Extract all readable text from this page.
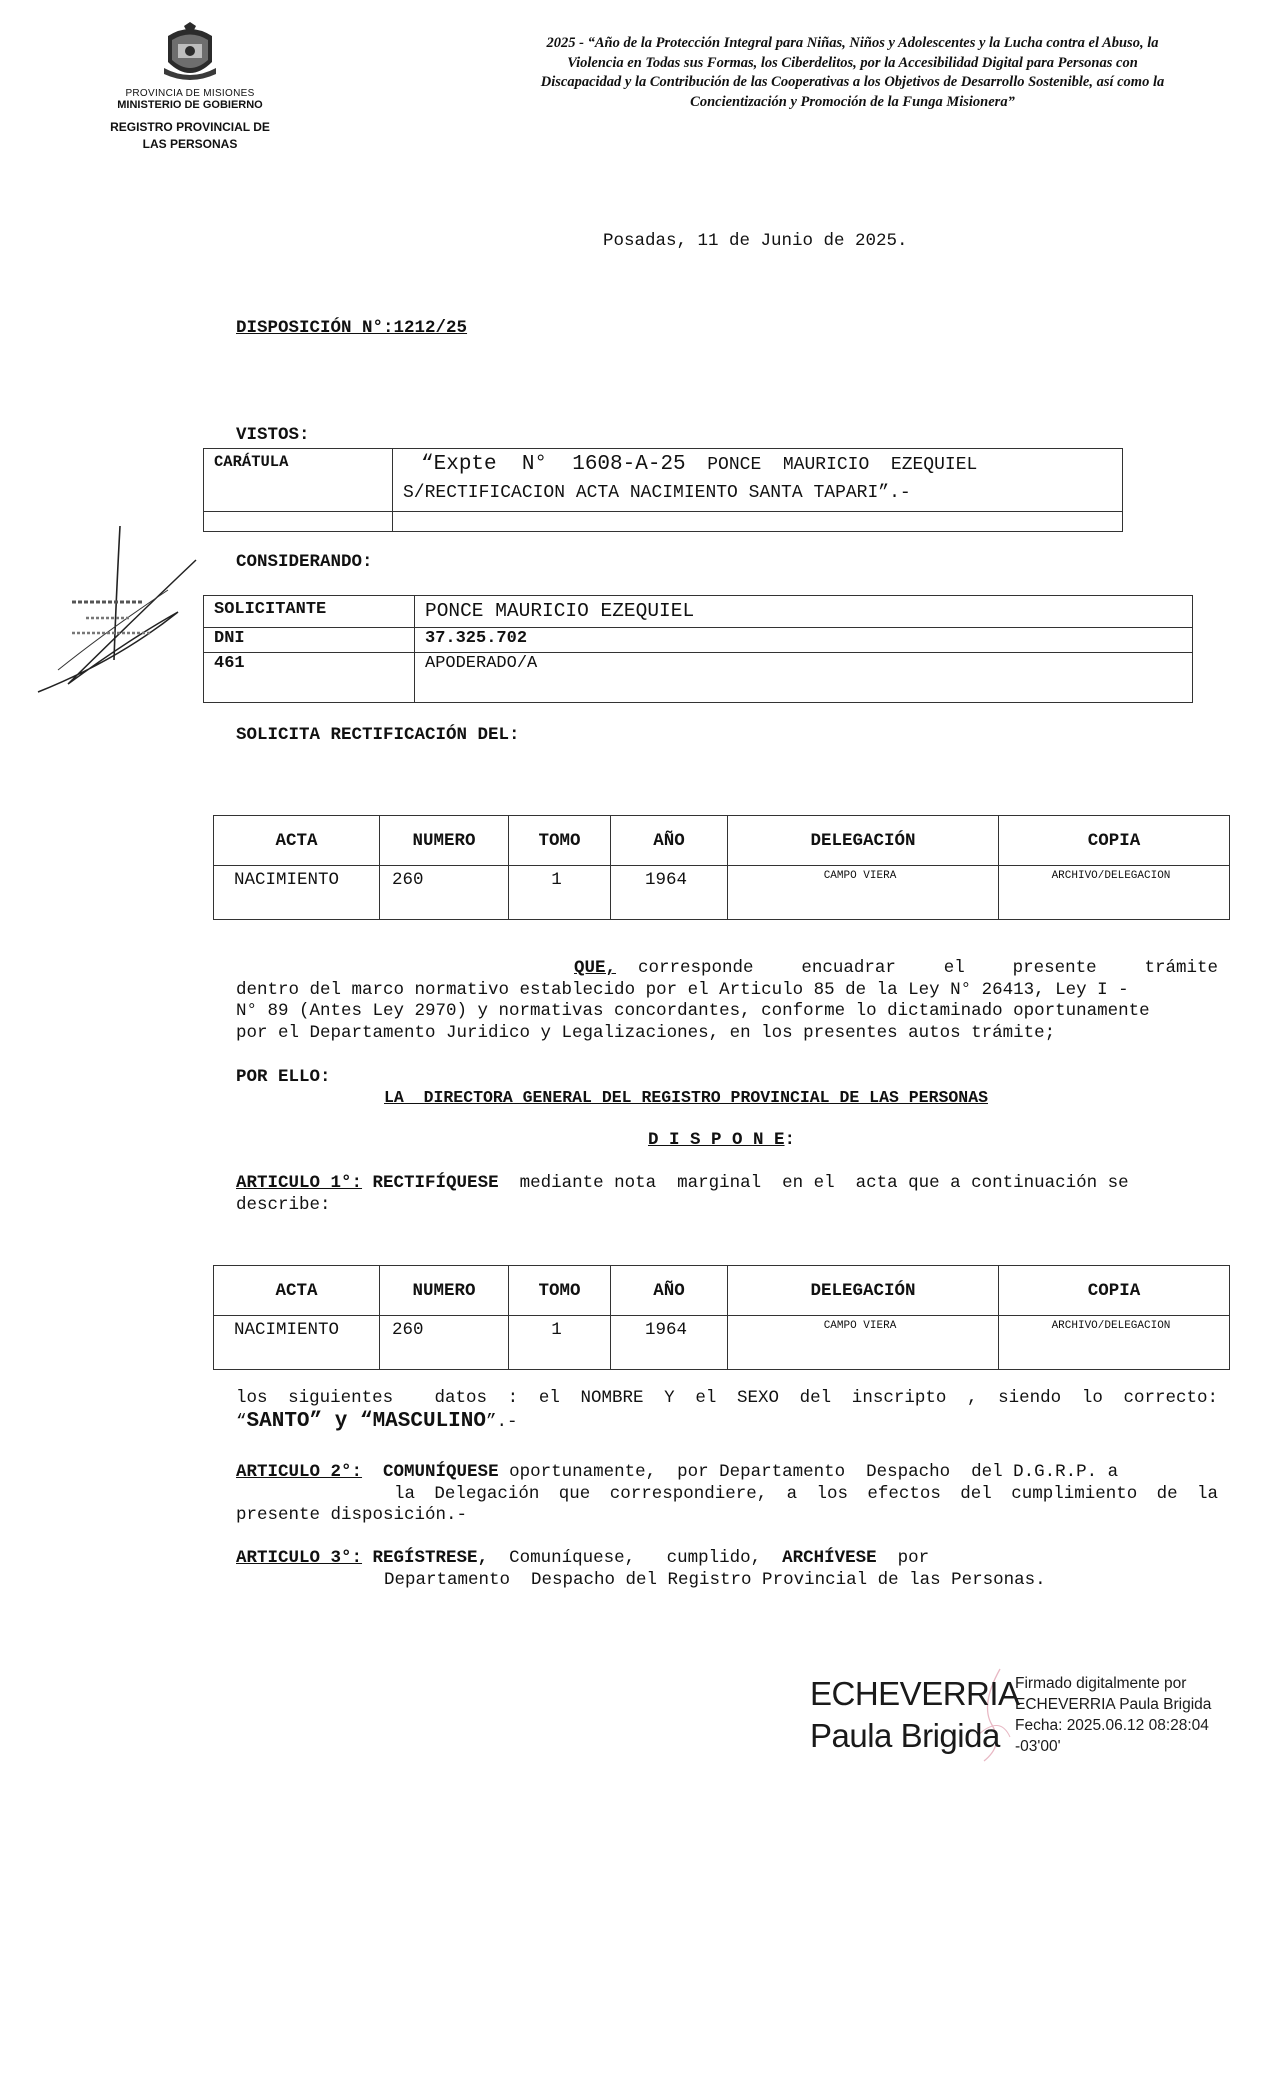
PROVINCIA DE MISIONES
MINISTERIO DE GOBIERNO
REGISTRO PROVINCIAL DE
LAS PERSONAS
2025 - “Año de la Protección Integral para Niñas, Niños y Adolescentes y la Lucha contra el Abuso, la Violencia en Todas sus Formas, los Ciberdelitos, por la Accesibilidad Digital para Personas con Discapacidad y la Contribución de las Cooperativas a los Objetivos de Desarrollo Sostenible, así como la Concientización y Promoción de la Funga Misionera”
Posadas, 11 de Junio de 2025.
DISPOSICIÓN N°:1212/25
VISTOS:
CARÁTULA	“Expte  N°  1608-A-25  PONCE  MAURICIO  EZEQUIEL
S/RECTIFICACION ACTA NACIMIENTO SANTA TAPARI”.-

CONSIDERANDO:
SOLICITANTE	PONCE MAURICIO EZEQUIEL
DNI	37.325.702
461	APODERADO/A
SOLICITA RECTIFICACIÓN DEL:
ACTA	NUMERO	TOMO	AÑO	DELEGACIÓN	COPIA
NACIMIENTO	260	1	1964	CAMPO VIERA	ARCHIVO/DELEGACION
QUE,	corresponde   encuadrar   el   presente   trámite
dentro del marco normativo establecido por el Articulo 85 de la Ley N° 26413, Ley I -
N° 89 (Antes Ley 2970) y normativas concordantes, conforme lo dictaminado oportunamente
por el Departamento Juridico y Legalizaciones, en los presentes autos trámite;
POR ELLO:
LA  DIRECTORA GENERAL DEL REGISTRO PROVINCIAL DE LAS PERSONAS
D I S P O N E:
ARTICULO 1°: RECTIFÍQUESE  mediante nota  marginal  en el  acta que a continuación se
describe:
ACTA	NUMERO	TOMO	AÑO	DELEGACIÓN	COPIA
NACIMIENTO	260	1	1964	CAMPO VIERA	ARCHIVO/DELEGACION
los siguientes  datos : el NOMBRE Y el SEXO del inscripto , siendo lo correcto:
“SANTO” y “MASCULINO”.-
ARTICULO 2°: COMUNÍQUESE oportunamente,  por Departamento  Despacho  del D.G.R.P. a
la Delegación que correspondiere, a los efectos del cumplimiento de la
presente disposición.-
ARTICULO 3°: REGÍSTRESE,  Comuníquese,   cumplido,  ARCHÍVESE  por
Departamento  Despacho del Registro Provincial de las Personas.
ECHEVERRIA
Paula Brigida
Firmado digitalmente por
ECHEVERRIA Paula Brigida
Fecha: 2025.06.12 08:28:04
-03'00'
